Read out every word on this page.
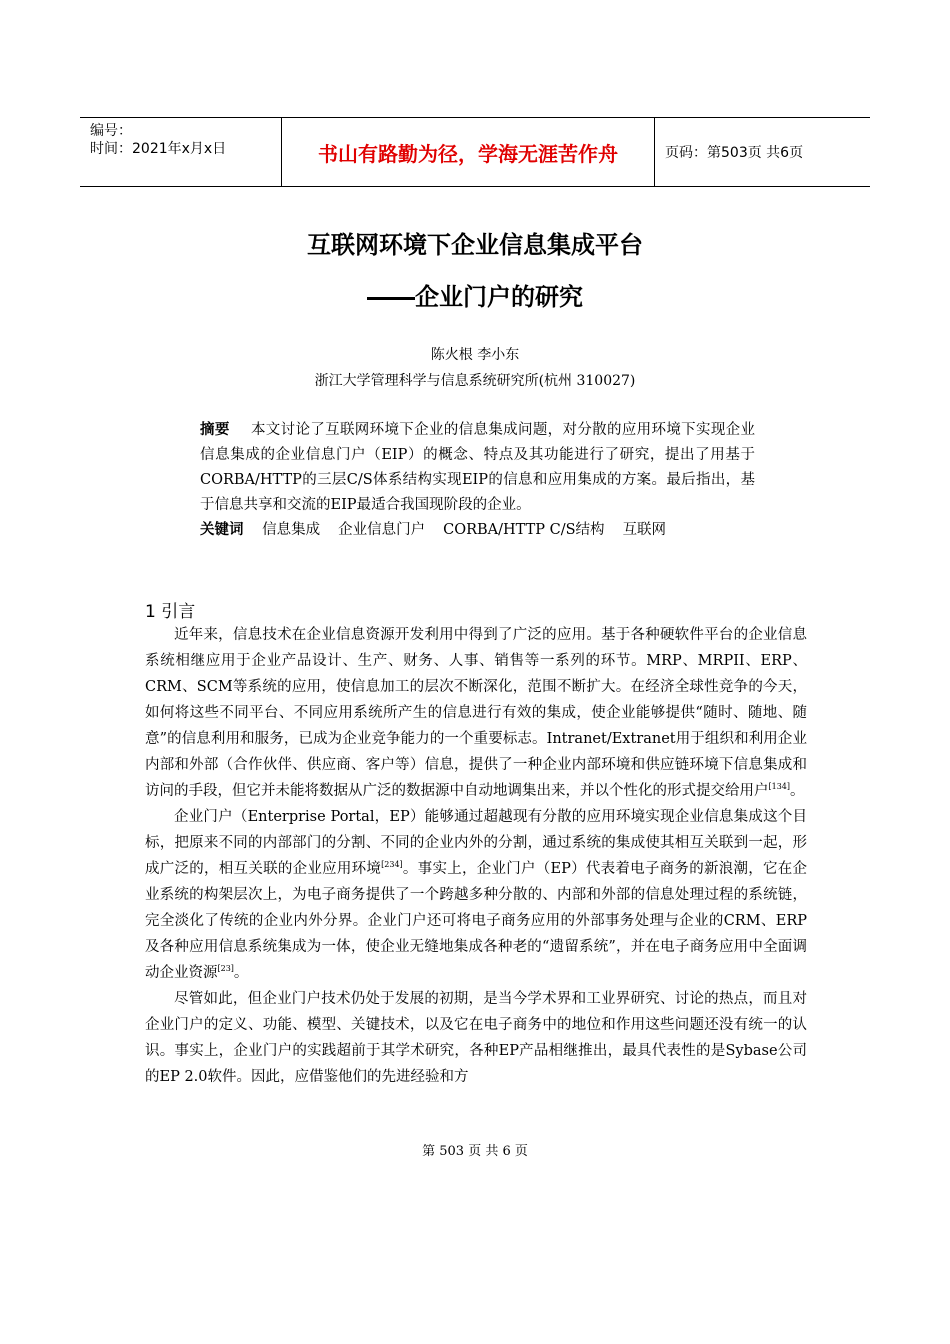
编号：
时间：2021年x月x日	书山有路勤为径，学海无涯苦作舟	页码：第503页 共6页
互联网环境下企业信息集成平台
――企业门户的研究
陈火根 李小东
浙江大学管理科学与信息系统研究所(杭州 310027)

摘要 本文讨论了互联网环境下企业的信息集成问题，对分散的应用环境下实现企业信息集成的企业信息门户（EIP）的概念、特点及其功能进行了研究，提出了用基于CORBA/HTTP的三层C/S体系结构实现EIP的信息和应用集成的方案。最后指出，基于信息共享和交流的EIP最适合我国现阶段的企业。

关键词 信息集成 企业信息门户 CORBA/HTTP C/S结构 互联网

1 引言

近年来，信息技术在企业信息资源开发利用中得到了广泛的应用。基于各种硬软件平台的企业信息系统相继应用于企业产品设计、生产、财务、人事、销售等一系列的环节。MRP、MRPII、ERP、CRM、SCM等系统的应用，使信息加工的层次不断深化，范围不断扩大。在经济全球性竞争的今天，如何将这些不同平台、不同应用系统所产生的信息进行有效的集成，使企业能够提供“随时、随地、随意”的信息利用和服务，已成为企业竞争能力的一个重要标志。Intranet/Extranet用于组织和利用企业内部和外部（合作伙伴、供应商、客户等）信息，提供了一种企业内部环境和供应链环境下信息集成和访问的手段，但它并未能将数据从广泛的数据源中自动地调集出来，并以个性化的形式提交给用户[134]。

企业门户（Enterprise Portal，EP）能够通过超越现有分散的应用环境实现企业信息集成这个目标，把原来不同的内部部门的分割、不同的企业内外的分割，通过系统的集成使其相互关联到一起，形成广泛的，相互关联的企业应用环境[234]。事实上，企业门户（EP）代表着电子商务的新浪潮，它在企业系统的构架层次上，为电子商务提供了一个跨越多种分散的、内部和外部的信息处理过程的系统链，完全淡化了传统的企业内外分界。企业门户还可将电子商务应用的外部事务处理与企业的CRM、ERP及各种应用信息系统集成为一体，使企业无缝地集成各种老的“遗留系统”，并在电子商务应用中全面调动企业资源[23]。

尽管如此，但企业门户技术仍处于发展的初期，是当今学术界和工业界研究、讨论的热点，而且对企业门户的定义、功能、模型、关键技术，以及它在电子商务中的地位和作用这些问题还没有统一的认识。事实上，企业门户的实践超前于其学术研究，各种EP产品相继推出，最具代表性的是Sybase公司的EP 2.0软件。因此，应借鉴他们的先进经验和方

第 503 页 共 6 页
